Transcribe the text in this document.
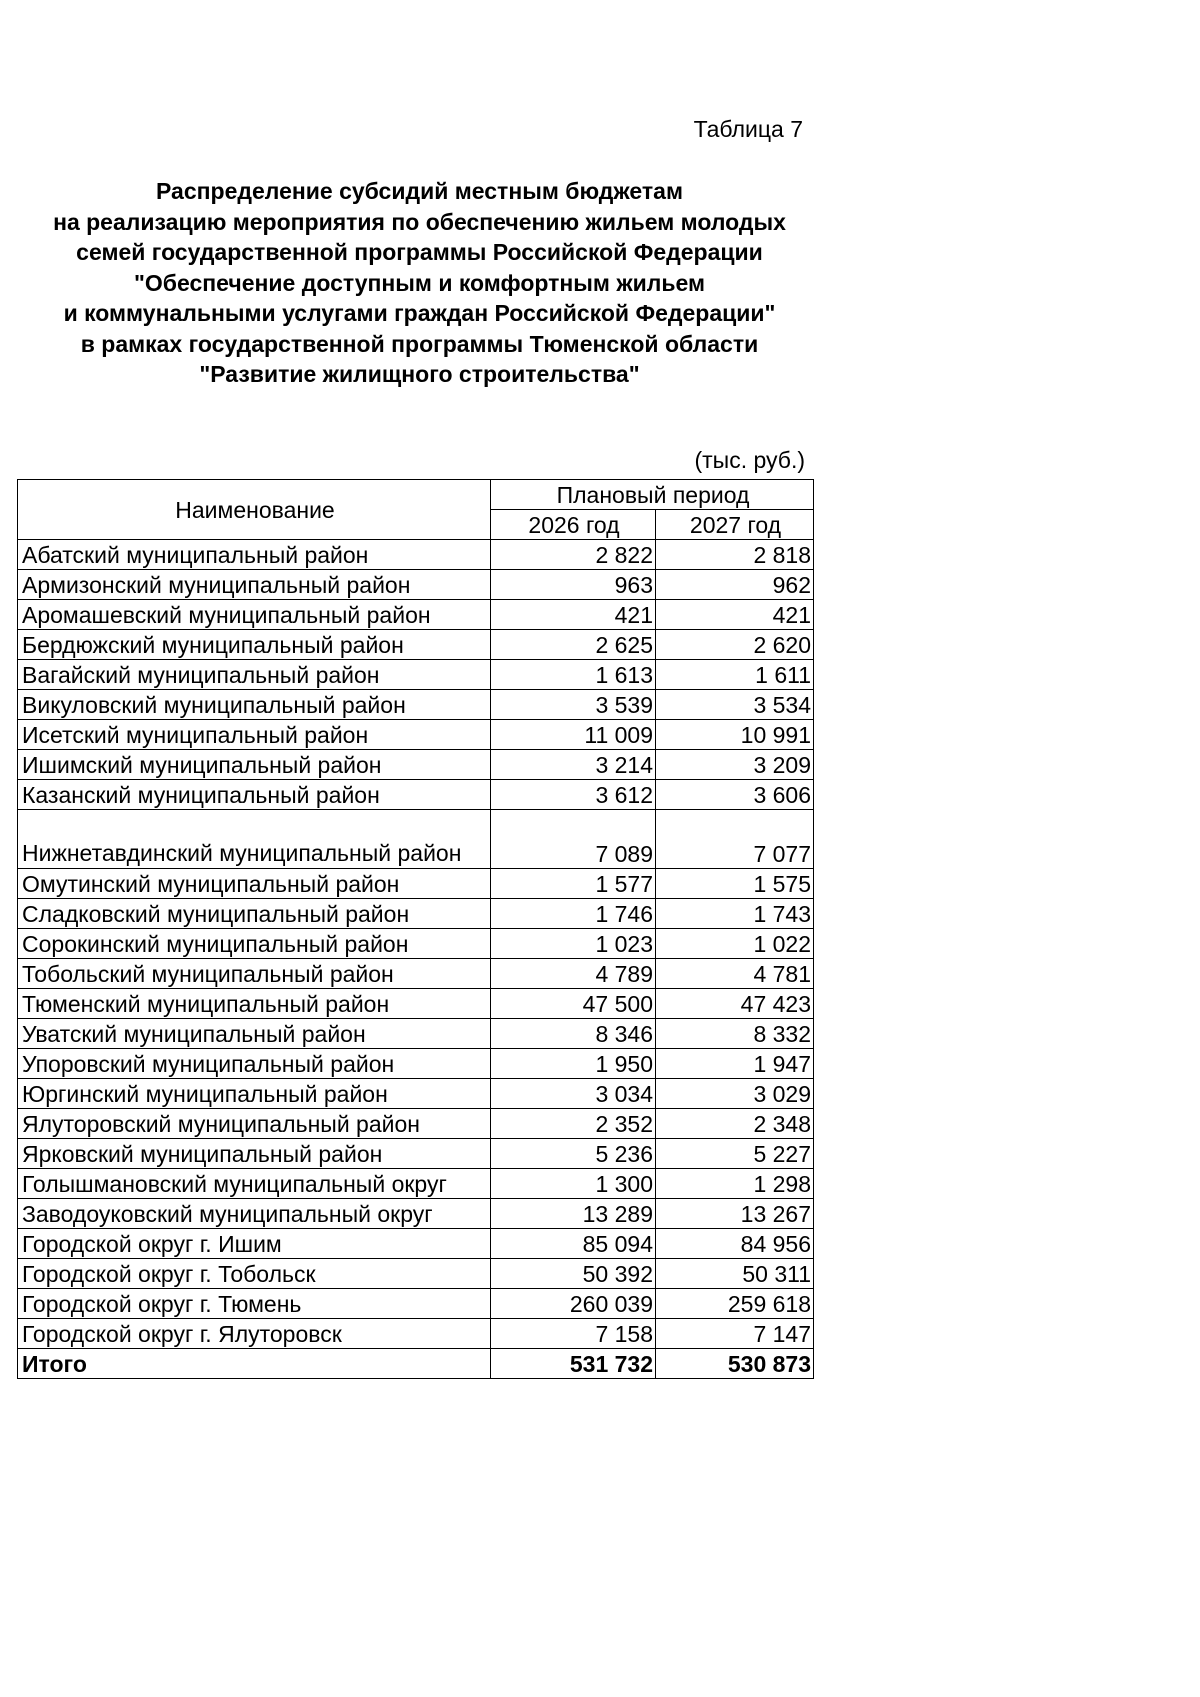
Таблица 7
Распределение субсидий местным бюджетам
на реализацию мероприятия по обеспечению жильем молодых
семей государственной программы Российской Федерации
"Обеспечение доступным и комфортным жильем
и коммунальными услугами граждан Российской Федерации"
в рамках государственной программы Тюменской области
"Развитие жилищного строительства"
(тыс. руб.)
Наименование	Плановый период	
	2026 год	2027 год
Абатский муниципальный район	2 822	2 818
Армизонский муниципальный район	963	962
Аромашевский муниципальный район	421	421
Бердюжский муниципальный район	2 625	2 620
Вагайский муниципальный район	1 613	1 611
Викуловский муниципальный район	3 539	3 534
Исетский муниципальный район	11 009	10 991
Ишимский муниципальный район	3 214	3 209
Казанский муниципальный район	3 612	3 606
Нижнетавдинский муниципальный район	7 089	7 077
Омутинский муниципальный район	1 577	1 575
Сладковский муниципальный район	1 746	1 743
Сорокинский муниципальный район	1 023	1 022
Тобольский муниципальный район	4 789	4 781
Тюменский муниципальный район	47 500	47 423
Уватский муниципальный район	8 346	8 332
Упоровский муниципальный район	1 950	1 947
Юргинский муниципальный район	3 034	3 029
Ялуторовский муниципальный район	2 352	2 348
Ярковский муниципальный район	5 236	5 227
Голышмановский муниципальный округ	1 300	1 298
Заводоуковский муниципальный округ	13 289	13 267
Городской округ г. Ишим	85 094	84 956
Городской округ г. Тобольск	50 392	50 311
Городской округ г. Тюмень	260 039	259 618
Городской округ г. Ялуторовск	7 158	7 147
Итого	531 732	530 873
